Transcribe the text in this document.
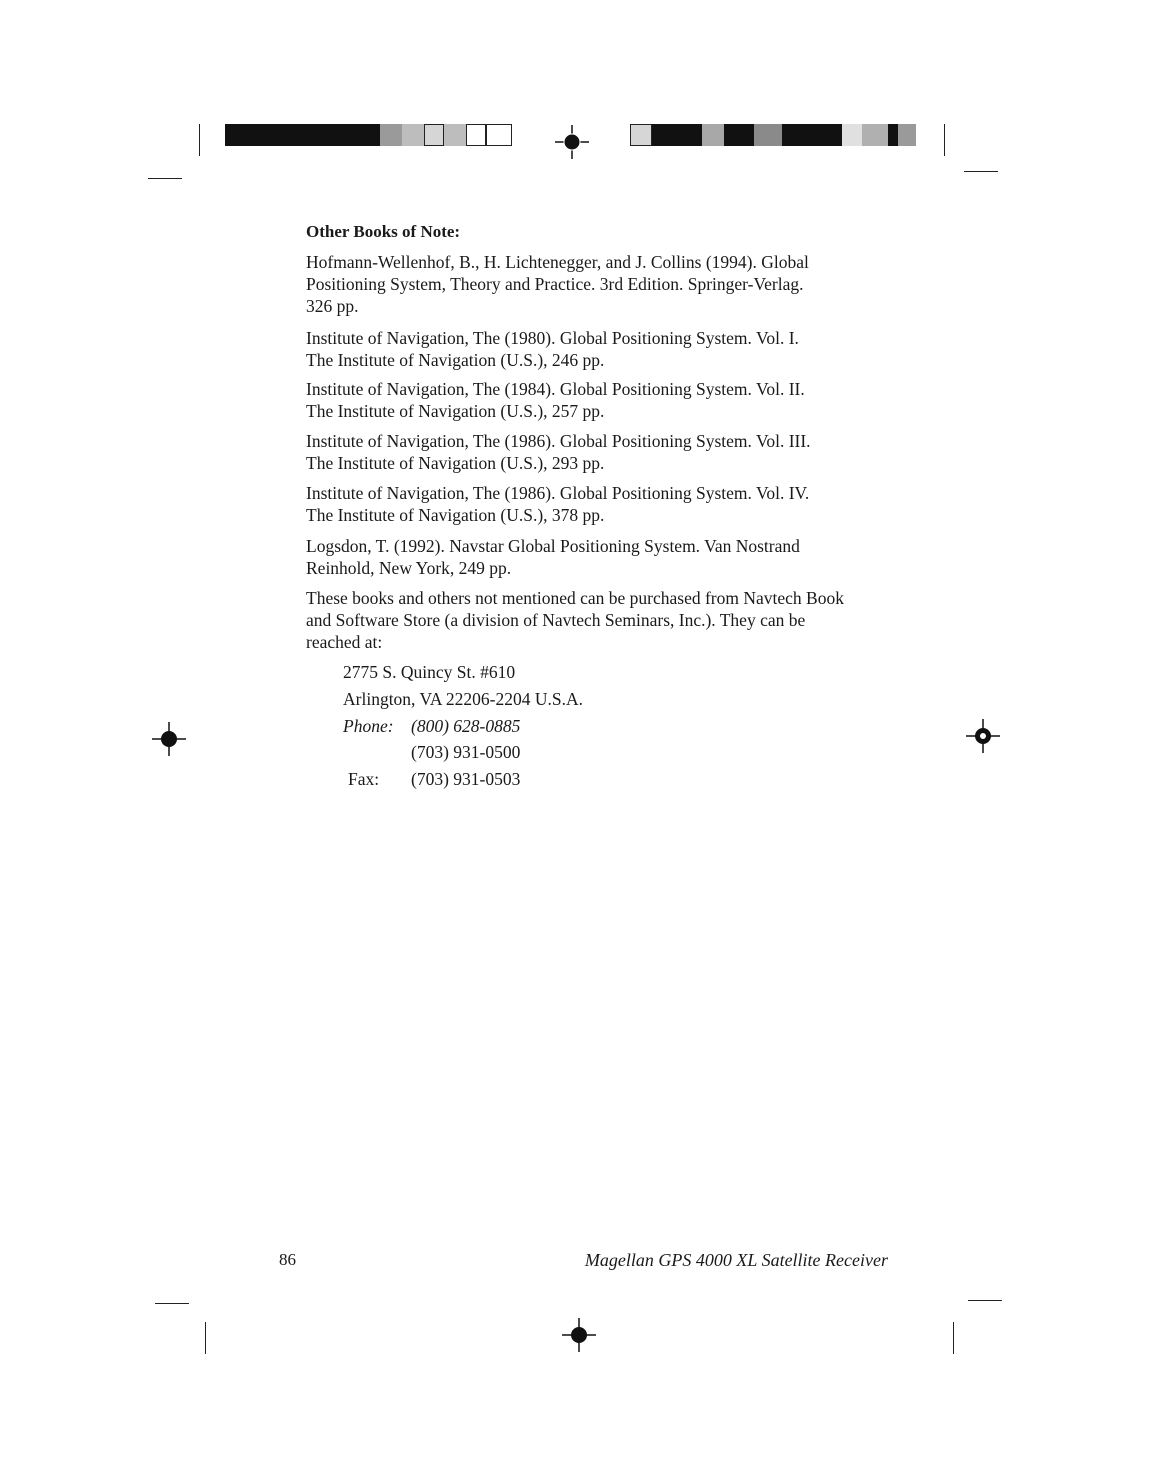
Other Books of Note:
Hofmann-Wellenhof, B., H. Lichtenegger, and J. Collins (1994). Global
Positioning System, Theory and Practice. 3rd Edition. Springer-Verlag.
326 pp.
Institute of Navigation, The (1980). Global Positioning System. Vol. I.
The Institute of Navigation (U.S.), 246 pp.
Institute of Navigation, The (1984). Global Positioning System. Vol. II.
The Institute of Navigation (U.S.), 257 pp.
Institute of Navigation, The (1986). Global Positioning System. Vol. III.
The Institute of Navigation (U.S.), 293 pp.
Institute of Navigation, The (1986). Global Positioning System. Vol. IV.
The Institute of Navigation (U.S.), 378 pp.
Logsdon, T. (1992). Navstar Global Positioning System. Van Nostrand
Reinhold, New York, 249 pp.
These books and others not mentioned can be purchased from Navtech Book
and Software Store (a division of Navtech Seminars, Inc.). They can be
reached at:
2775 S. Quincy St. #610
Arlington, VA 22206-2204 U.S.A.
Phone: (800) 628-0885
(703) 931-0500
Fax: (703) 931-0503
86	Magellan GPS 4000 XL Satellite Receiver
